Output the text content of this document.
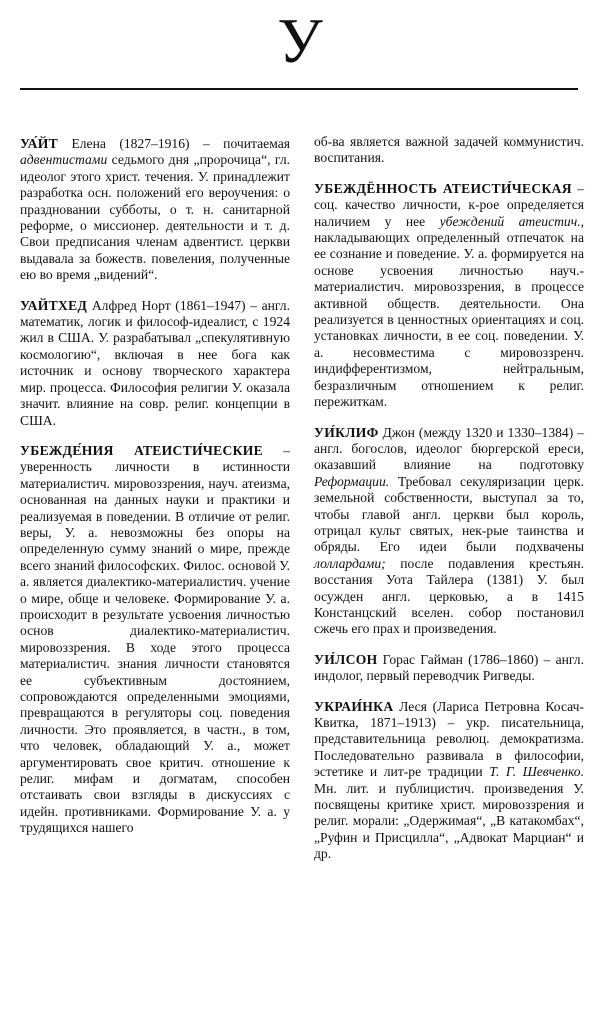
У
УА́ЙТ Елена (1827–1916) – почитаемая адвентистами седьмого дня „пророчица“, гл. идеолог этого христ. течения. У. принадлежит разработка осн. положений его вероучения: о праздновании субботы, о т. н. санитарной реформе, о миссионер. деятельности и т. д. Свои предписания членам адвентист. церкви выдавала за божеств. повеления, полученные ею во время „видений“.
УАЙТХЕД Алфред Норт (1861–1947) – англ. математик, логик и философ-идеалист, с 1924 жил в США. У. разрабатывал „спекулятивную космологию“, включая в нее бога как источник и основу творческого характера мир. процесса. Философия религии У. оказала значит. влияние на совр. религ. концепции в США.
УБЕЖДЕ́НИЯ АТЕИСТИ́ЧЕСКИЕ – уверенность личности в истинности материалистич. мировоззрения, науч. атеизма, основанная на данных науки и практики и реализуемая в поведении. В отличие от религ. веры, У. а. невозможны без опоры на определенную сумму знаний о мире, прежде всего знаний философских. Филос. основой У. а. является диалектико-материалистич. учение о мире, обще и человеке. Формирование У. а. происходит в результате усвоения личностью основ диалектико-материалистич. мировоззрения. В ходе этого процесса материалистич. знания личности становятся ее субъективным достоянием, сопровождаются определенными эмоциями, превращаются в регуляторы соц. поведения личности. Это проявляется, в частн., в том, что человек, обладающий У. а., может аргументировать свое критич. отношение к религ. мифам и догматам, способен отстаивать свои взгляды в дискуссиях с идейн. противниками. Формирование У. а. у трудящихся нашего
об-ва является важной задачей коммунистич. воспитания.
УБЕЖДЁННОСТЬ АТЕИСТИ́ЧЕСКАЯ – соц. качество личности, к-рое определяется наличием у нее убеждений атеистич., накладывающих определенный отпечаток на ее сознание и поведение. У. а. формируется на основе усвоения личностью науч.-материалистич. мировоззрения, в процессе активной обществ. деятельности. Она реализуется в ценностных ориентациях и соц. установках личности, в ее соц. поведении. У. а. несовместима с мировоззренч. индифферентизмом, нейтральным, безразличным отношением к религ. пережиткам.
УИ́КЛИФ Джон (между 1320 и 1330–1384) – англ. богослов, идеолог бюргерской ереси, оказавший влияние на подготовку Реформации. Требовал секуляризации церк. земельной собственности, выступал за то, чтобы главой англ. церкви был король, отрицал культ святых, нек-рые таинства и обряды. Его идеи были подхвачены лоллардами; после подавления крестьян. восстания Уота Тайлера (1381) У. был осужден англ. церковью, а в 1415 Констанцский вселен. собор постановил сжечь его прах и произведения.
УИ́ЛСОН Горас Гайман (1786–1860) – англ. индолог, первый переводчик Ригведы.
УКРАИ́НКА Леся (Лариса Петровна Косач-Квитка, 1871–1913) – укр. писательница, представительница революц. демократизма. Последовательно развивала в философии, эстетике и лит-ре традиции Т. Г. Шевченко. Мн. лит. и публицистич. произведения У. посвящены критике христ. мировоззрения и религ. морали: „Одержимая“, „В катакомбах“, „Руфин и Присцилла“, „Адвокат Марциан“ и др.
